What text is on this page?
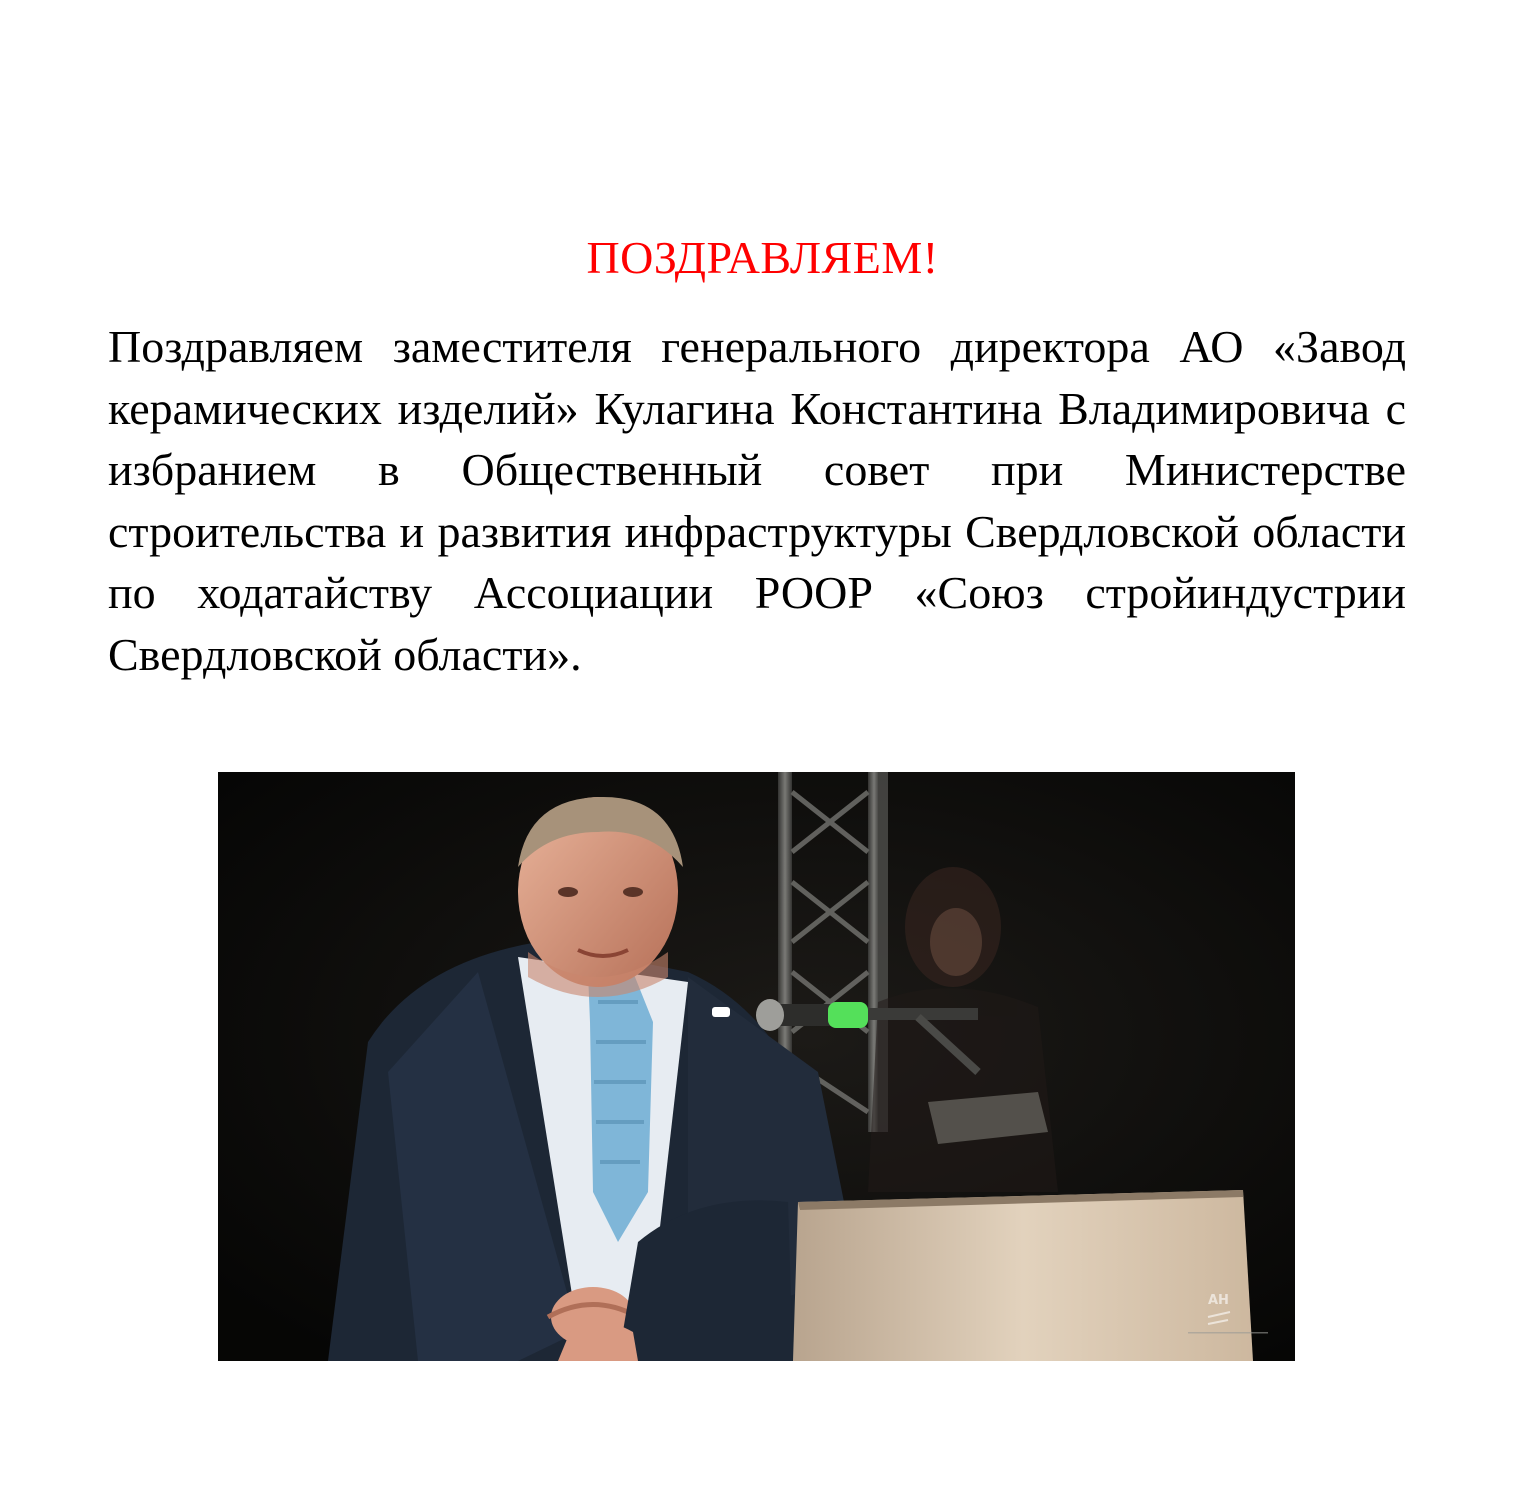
ПОЗДРАВЛЯЕМ!

Поздравляем заместителя генерального директора АО «Завод керамических изделий» Кулагина Константина Владимировича с избранием в Общественный совет при Министерстве строительства и развития инфраструктуры Свердловской области по ходатайству Ассоциации РООР «Союз стройиндустрии Свердловской области».

АН
